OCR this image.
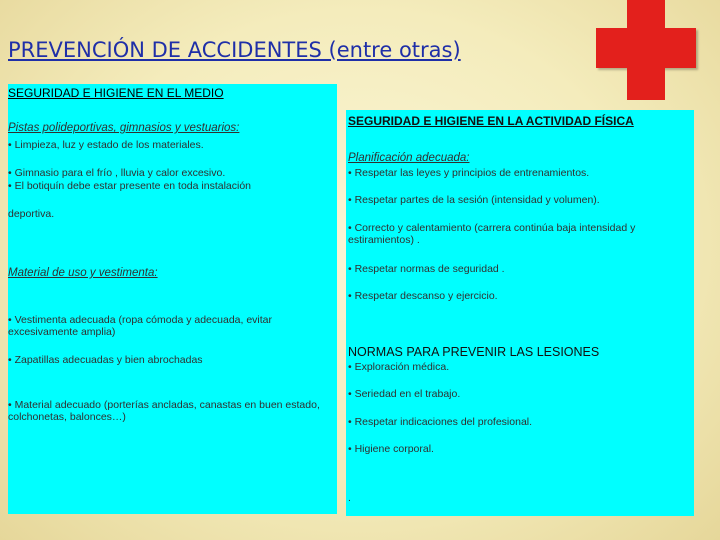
PREVENCIÓN DE ACCIDENTES (entre otras)

SEGURIDAD E HIGIENE EN EL MEDIO

Pistas polideportivas, gimnasios y vestuarios:

• Limpieza, luz y estado de los materiales.

• Gimnasio para el frío , lluvia y calor excesivo.

• El botiquín debe estar presente en toda instalación

deportiva.

Material de uso y vestimenta:

• Vestimenta adecuada (ropa cómoda y adecuada, evitar excesivamente amplia)

• Zapatillas adecuadas y bien abrochadas

• Material adecuado (porterías ancladas, canastas en buen estado, colchonetas, balonces…)

SEGURIDAD E HIGIENE EN LA ACTIVIDAD FÍSICA

Planificación adecuada:

• Respetar las leyes y principios de entrenamientos.

• Respetar partes de la sesión (intensidad y volumen).

• Correcto y calentamiento (carrera continúa baja intensidad y estiramientos) .

• Respetar normas de seguridad .

• Respetar descanso y ejercicio.

NORMAS PARA PREVENIR LAS LESIONES

• Exploración médica.

• Seriedad en el trabajo.

• Respetar indicaciones del profesional.

• Higiene corporal.

.
